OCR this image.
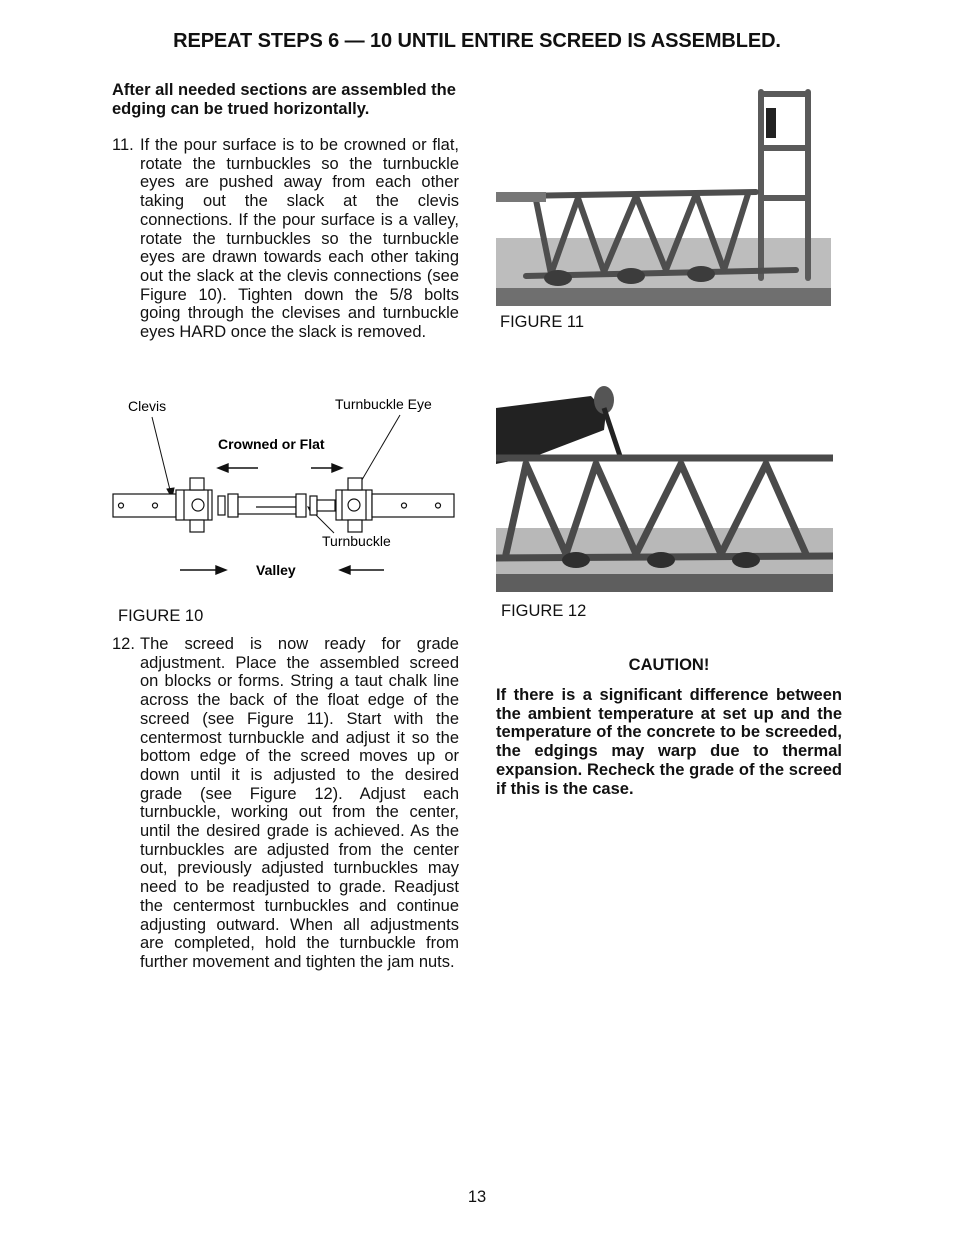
REPEAT STEPS 6 — 10 UNTIL ENTIRE SCREED IS ASSEMBLED.
After all needed sections are assembled the edging can be trued horizontally.
11. If the pour surface is to be crowned or flat, rotate the turnbuckles so the turnbuckle eyes are pushed away from each other taking out the slack at the clevis connections. If the pour surface is a valley, rotate the turnbuckles so the turnbuckle eyes are drawn towards each other taking out the slack at the clevis connections (see Figure 10). Tighten down the 5/8 bolts going through the clevises and turnbuckle eyes HARD once the slack is removed.
Clevis	Turnbuckle Eye
Crowned or Flat
Turnbuckle
Valley
FIGURE 10
12. The screed is now ready for grade adjustment. Place the assembled screed on blocks or forms. String a taut chalk line across the back of the float edge of the screed (see Figure 11). Start with the centermost turnbuckle and adjust it so the bottom edge of the screed moves up or down until it is adjusted to the desired grade (see Figure 12). Adjust each turnbuckle, working out from the center, until the desired grade is achieved. As the turnbuckles are adjusted from the center out, previously adjusted turnbuckles may need to be readjusted to grade. Readjust the centermost turnbuckles and continue adjusting outward. When all adjustments are completed, hold the turnbuckle from further movement and tighten the jam nuts.
FIGURE 11
FIGURE 12
CAUTION!
If there is a significant difference between the ambient temperature at set up and the temperature of the concrete to be screeded, the edgings may warp due to thermal expansion. Recheck the grade of the screed if this is the case.
13
